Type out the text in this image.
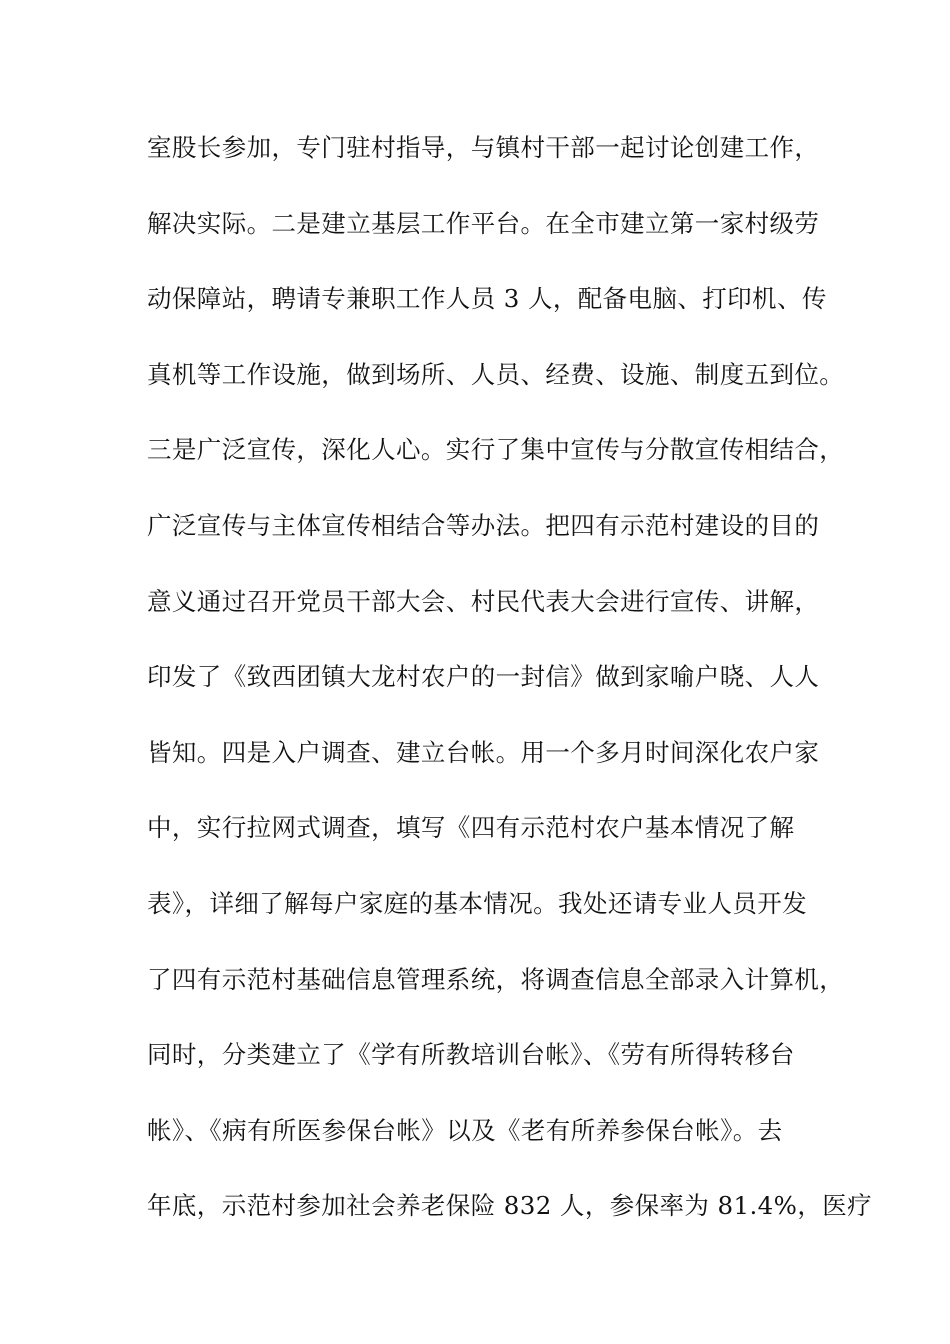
室股长参加，专门驻村指导，与镇村干部一起讨论创建工作，
解决实际。二是建立基层工作平台。在全市建立第一家村级劳
动保障站，聘请专兼职工作人员 3 人，配备电脑、打印机、传
真机等工作设施，做到场所、人员、经费、设施、制度五到位。
三是广泛宣传，深化人心。实行了集中宣传与分散宣传相结合，
广泛宣传与主体宣传相结合等办法。把四有示范村建设的目的
意义通过召开党员干部大会、村民代表大会进行宣传、讲解，
印发了《致西团镇大龙村农户的一封信》做到家喻户晓、人人
皆知。四是入户调查、建立台帐。用一个多月时间深化农户家
中，实行拉网式调查，填写《四有示范村农户基本情况了解
表》，详细了解每户家庭的基本情况。我处还请专业人员开发
了四有示范村基础信息管理系统，将调查信息全部录入计算机，
同时，分类建立了《学有所教培训台帐》、《劳有所得转移台
帐》、《病有所医参保台帐》以及《老有所养参保台帐》。去
年底，示范村参加社会养老保险 832 人，参保率为 81.4%，医疗
